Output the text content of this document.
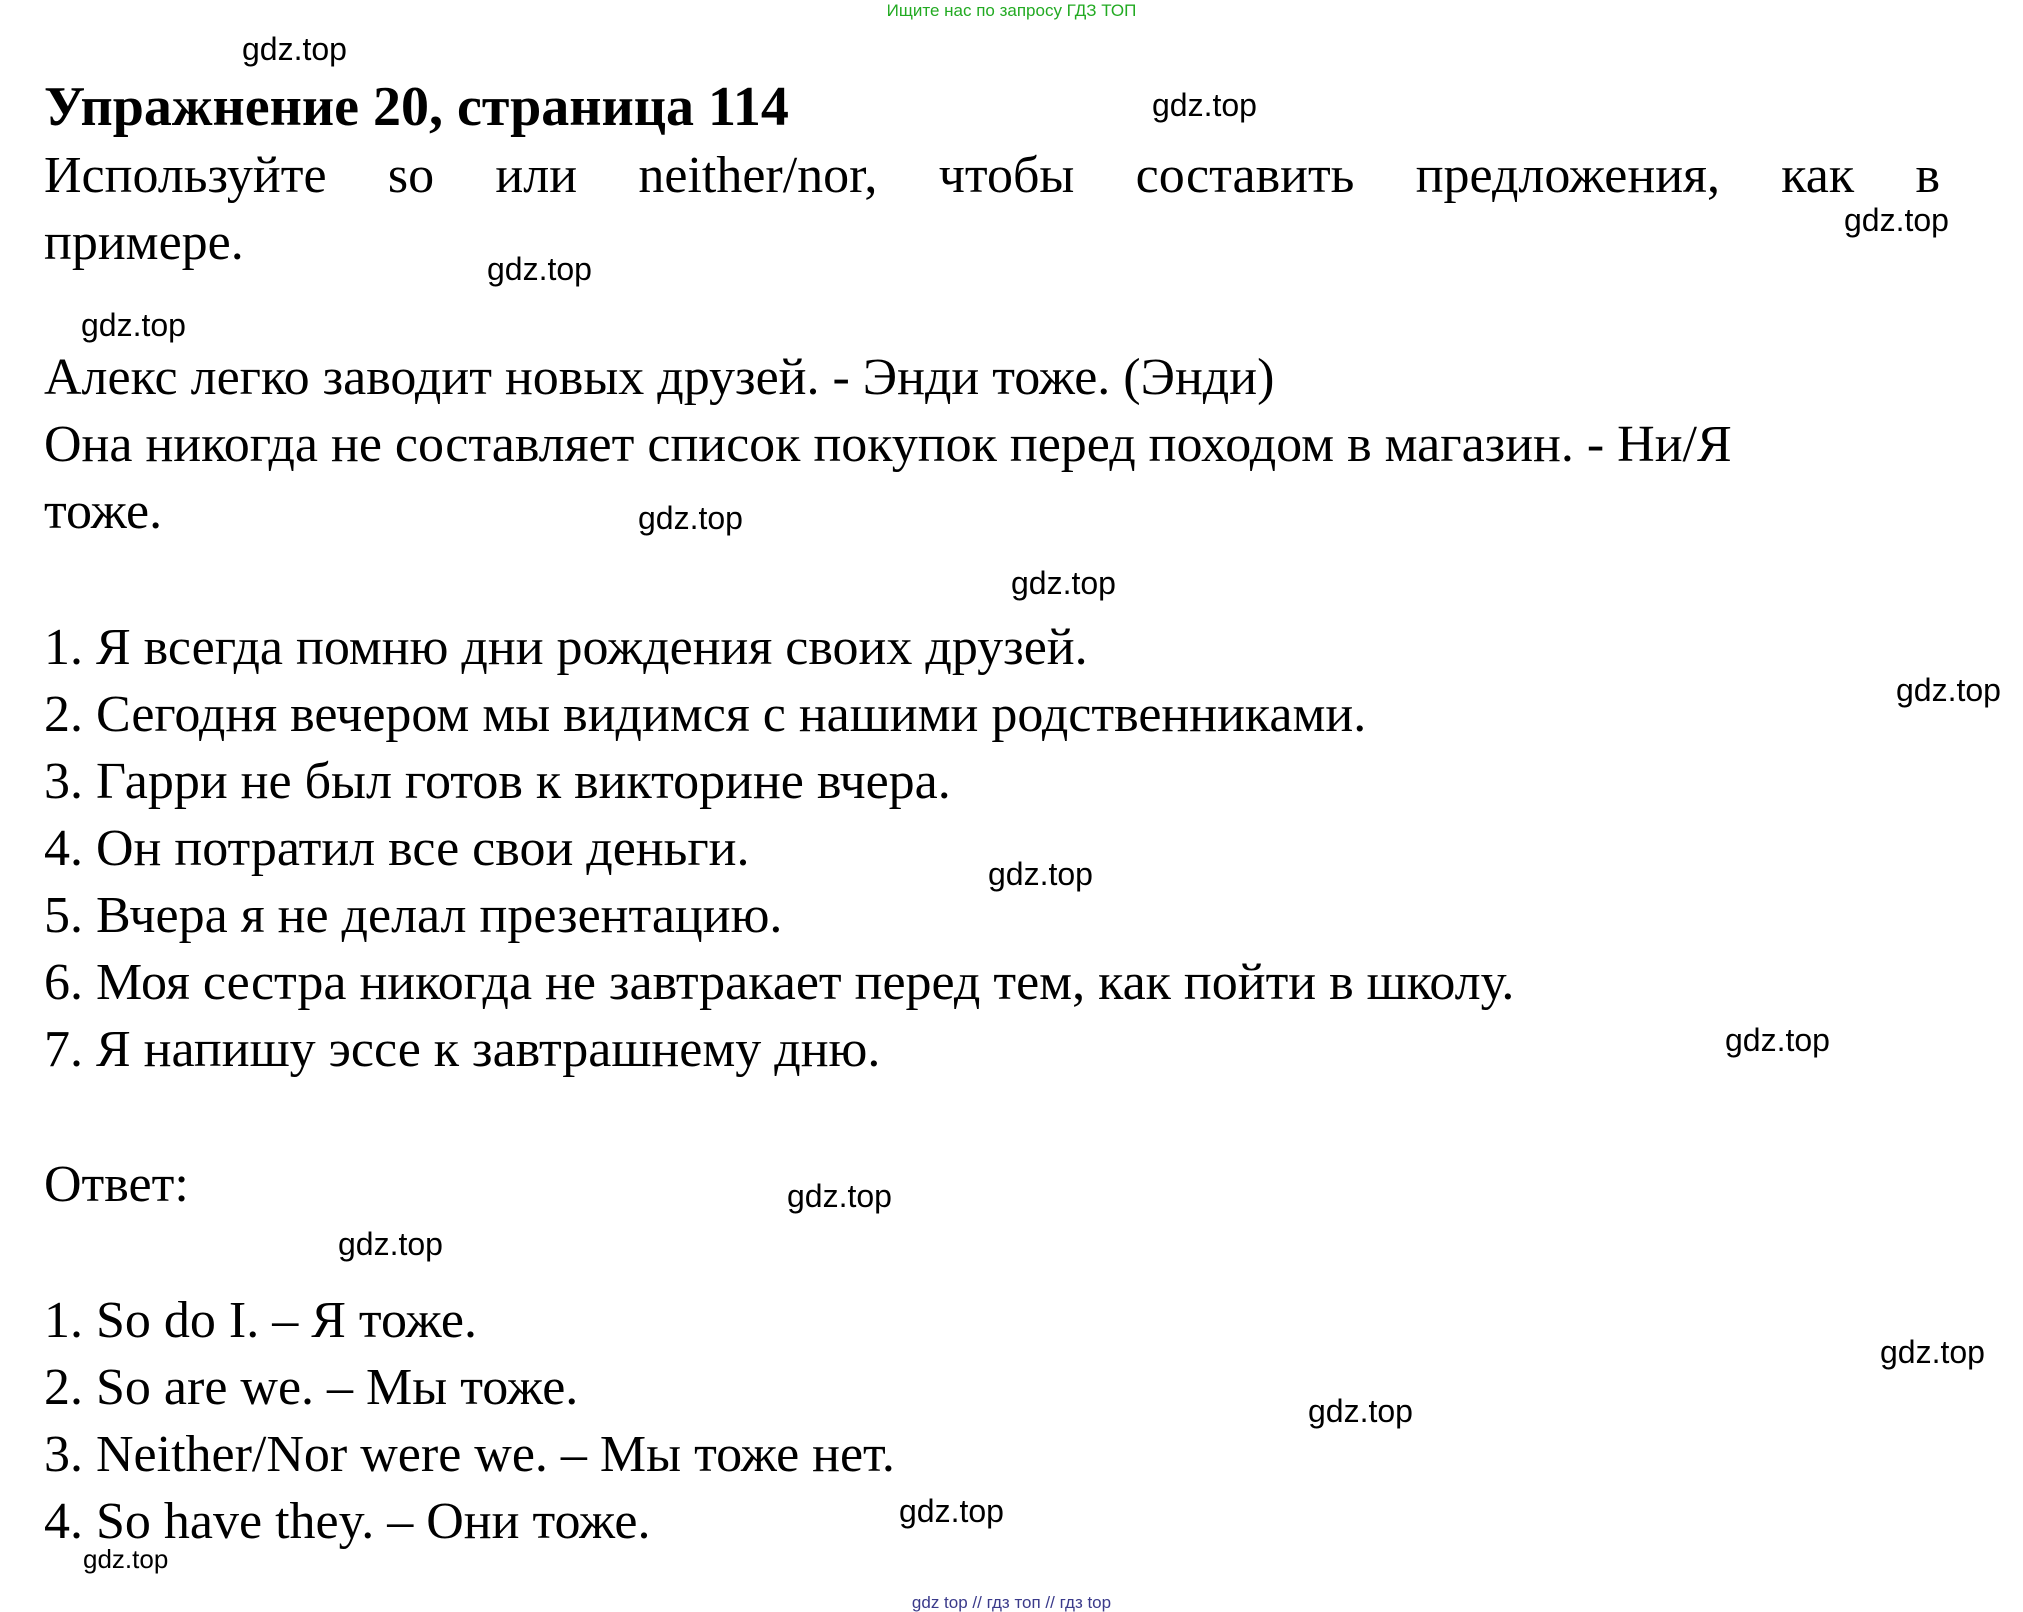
Ищите нас по запросу ГДЗ ТОП
Упражнение 20, страница 114

Используйте so или neither/nor, чтобы составить предложения, как в

примере.

Алекс легко заводит новых друзей. - Энди тоже. (Энди)

Она никогда не составляет список покупок перед походом в магазин. - Ни/Я

тоже.

1. Я всегда помню дни рождения своих друзей.

2. Сегодня вечером мы видимся с нашими родственниками.

3. Гарри не был готов к викторине вчера.

4. Он потратил все свои деньги.

5. Вчера я не делал презентацию.

6. Моя сестра никогда не завтракает перед тем, как пойти в школу.

7. Я напишу эссе к завтрашнему дню.

Ответ:

1. So do I. – Я тоже.

2. So are we. – Мы тоже.

3. Neither/Nor were we. – Мы тоже нет.

4. So have they. – Они тоже.

gdz.top
gdz.top
gdz.top
gdz.top
gdz.top
gdz.top
gdz.top
gdz.top
gdz.top
gdz.top
gdz.top
gdz.top
gdz.top
gdz.top
gdz.top
gdz.top
gdz top // гдз топ // гдз top
